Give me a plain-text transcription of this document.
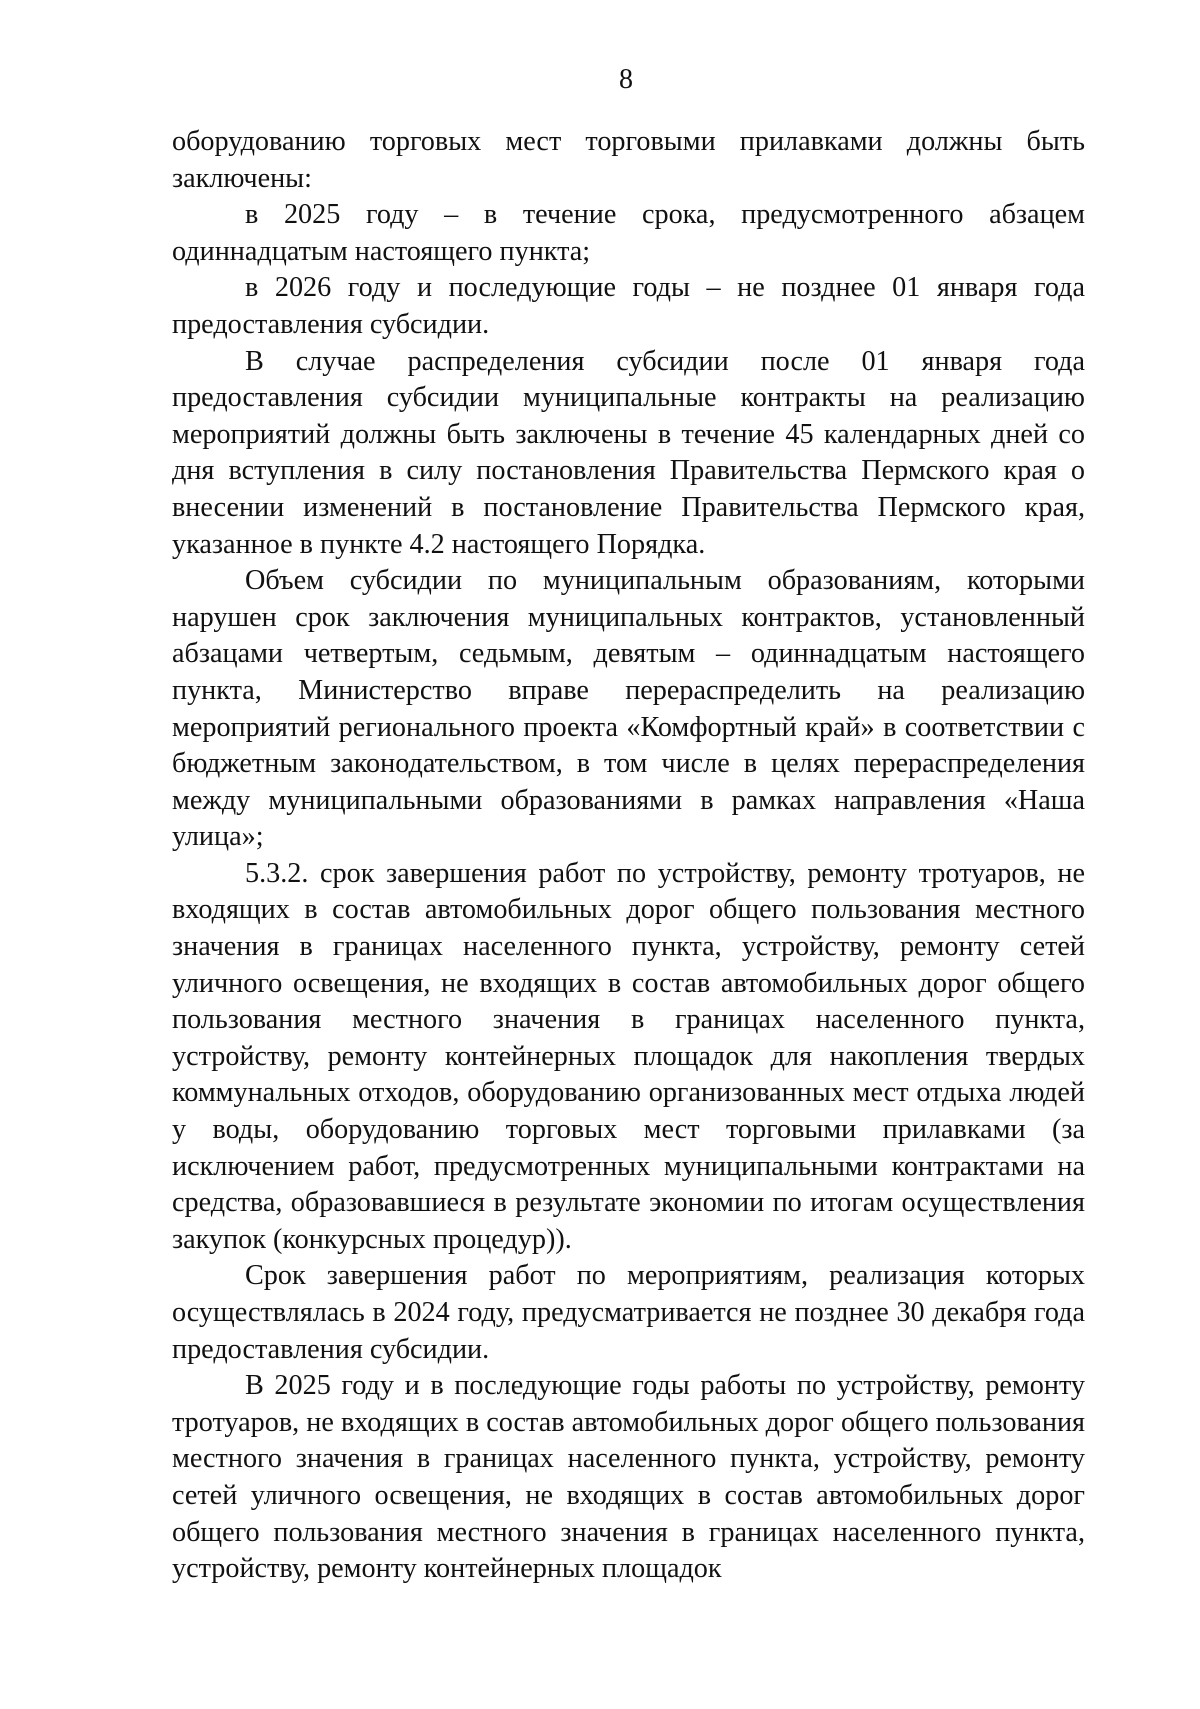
8

оборудованию торговых мест торговыми прилавками должны быть заключены:

в 2025 году – в течение срока, предусмотренного абзацем одиннадцатым настоящего пункта;

в 2026 году и последующие годы – не позднее 01 января года предоставления субсидии.

В случае распределения субсидии после 01 января года предоставления субсидии муниципальные контракты на реализацию мероприятий должны быть заключены в течение 45 календарных дней со дня вступления в силу постановления Правительства Пермского края о внесении изменений в постановление Правительства Пермского края, указанное в пункте 4.2 настоящего Порядка.

Объем субсидии по муниципальным образованиям, которыми нарушен срок заключения муниципальных контрактов, установленный абзацами четвертым, седьмым, девятым – одиннадцатым настоящего пункта, Министерство вправе перераспределить на реализацию мероприятий регионального проекта «Комфортный край» в соответствии с бюджетным законодательством, в том числе в целях перераспределения между муниципальными образованиями в рамках направления «Наша улица»;

5.3.2. срок завершения работ по устройству, ремонту тротуаров, не входящих в состав автомобильных дорог общего пользования местного значения в границах населенного пункта, устройству, ремонту сетей уличного освещения, не входящих в состав автомобильных дорог общего пользования местного значения в границах населенного пункта, устройству, ремонту контейнерных площадок для накопления твердых коммунальных отходов, оборудованию организованных мест отдыха людей у воды, оборудованию торговых мест торговыми прилавками (за исключением работ, предусмотренных муниципальными контрактами на средства, образовавшиеся в результате экономии по итогам осуществления закупок (конкурсных процедур)).

Срок завершения работ по мероприятиям, реализация которых осуществлялась в 2024 году, предусматривается не позднее 30 декабря года предоставления субсидии.

В 2025 году и в последующие годы работы по устройству, ремонту тротуаров, не входящих в состав автомобильных дорог общего пользования местного значения в границах населенного пункта, устройству, ремонту сетей уличного освещения, не входящих в состав автомобильных дорог общего пользования местного значения в границах населенного пункта, устройству, ремонту контейнерных площадок
